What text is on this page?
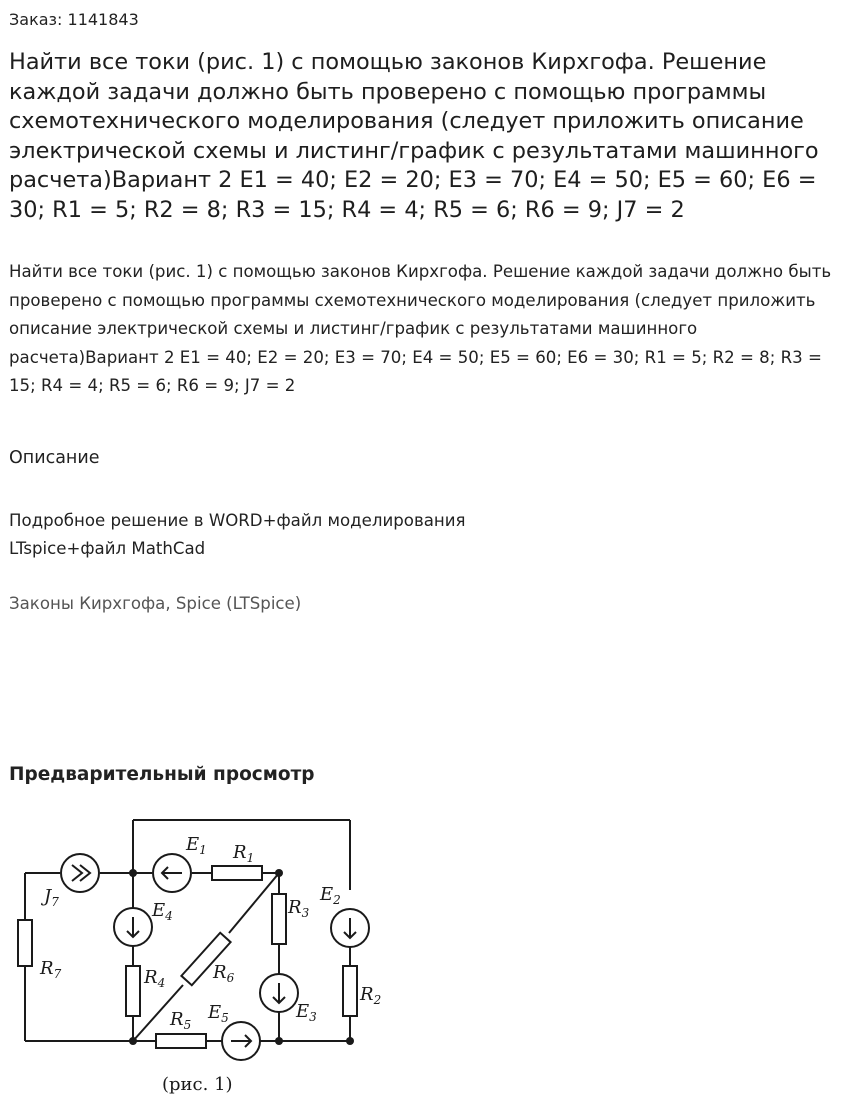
Заказ: 1141843
Найти все токи (рис. 1) с помощью законов Кирхгофа. Решение каждой задачи должно быть проверено с помощью программы схемотехнического моделирования (следует приложить описание электрической схемы и листинг/график с результатами машинного расчета)Вариант 2 E1 = 40; E2 = 20; E3 = 70; E4 = 50; E5 = 60; E6 = 30; R1 = 5; R2 = 8; R3 = 15; R4 = 4; R5 = 6; R6 = 9; J7 = 2

Найти все токи (рис. 1) с помощью законов Кирхгофа. Решение каждой задачи должно быть проверено с помощью программы схемотехнического моделирования (следует приложить описание электрической схемы и листинг/график с результатами машинного расчета)Вариант 2 E1 = 40; E2 = 20; E3 = 70; E4 = 50; E5 = 60; E6 = 30; R1 = 5; R2 = 8; R3 = 15; R4 = 4; R5 = 6; R6 = 9; J7 = 2

Описание

Подробное решение в WORD+файл моделирования LTspice+файл MathCad

Законы Кирхгофа, Spice (LTSpice)
Предварительный просмотр
$E_1$ $R_1$
$E_2$
$R_2$
$R_3$
$E_3$
$E_4$
$R_4$
$R_5$
$E_5$
$R_6$
$J_7$
$R_7$
(рис. 1)
